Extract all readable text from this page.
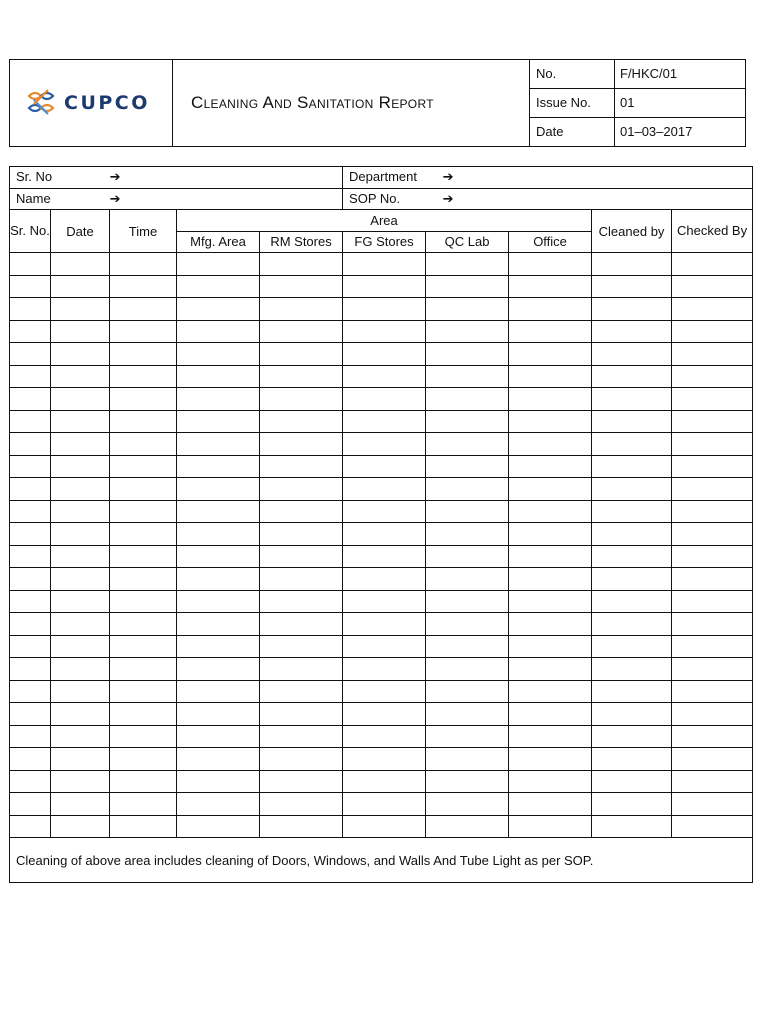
CUPCO Cleaning And Sanitation Report
No.	F/HKC/01
Issue No.	01
Date	01–03–2017
Sr. No ➔					Department ➔				
Name ➔					SOP No. ➔				
Sr. No.	Date	Time	Area					Cleaned by	Checked By
			Mfg. Area	RM Stores	FG Stores	QC Lab	Office		

Cleaning of above area includes cleaning of Doors, Windows, and Walls And Tube Light as per SOP.									
